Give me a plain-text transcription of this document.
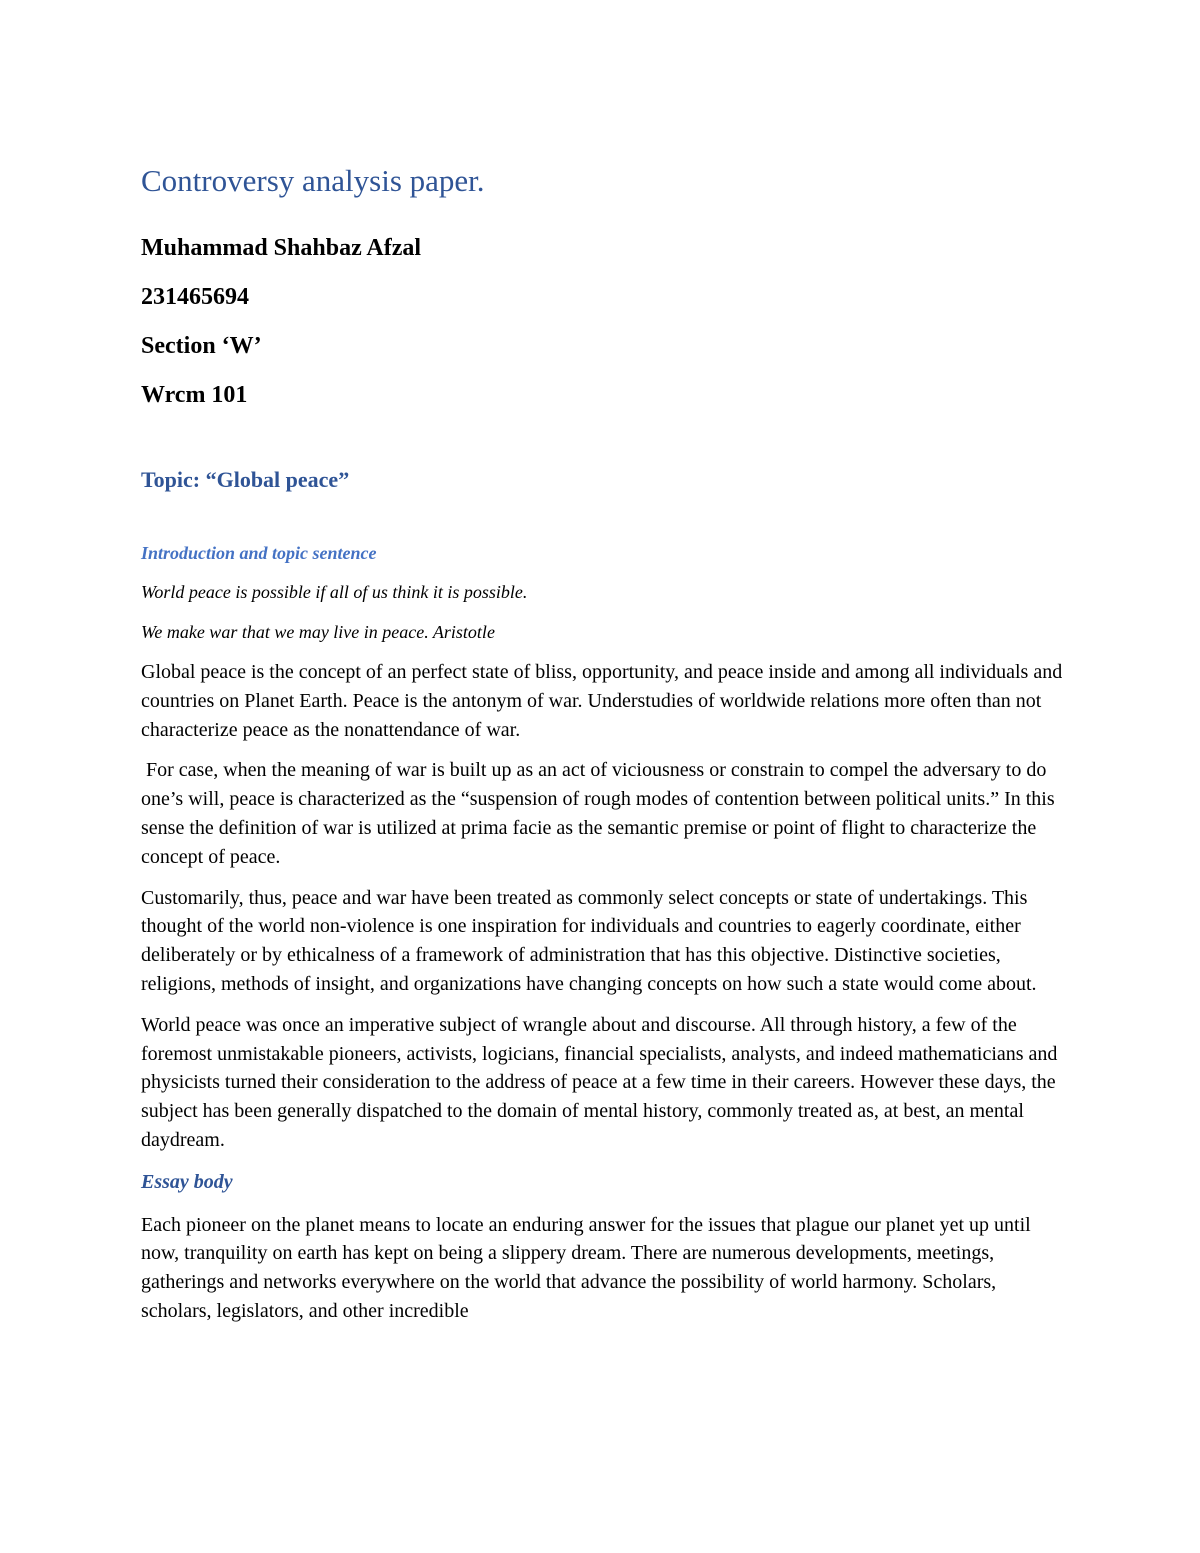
Controversy analysis paper.

Muhammad Shahbaz Afzal

231465694

Section ‘W’

Wrcm 101

Topic: “Global peace”
Introduction and topic sentence

World peace is possible if all of us think it is possible.

We make war that we may live in peace. Aristotle

Global peace is the concept of an perfect state of bliss, opportunity, and peace inside and among all individuals and countries on Planet Earth. Peace is the antonym of war. Understudies of worldwide relations more often than not characterize peace as the nonattendance of war.

For case, when the meaning of war is built up as an act of viciousness or constrain to compel the adversary to do one’s will, peace is characterized as the “suspension of rough modes of contention between political units.” In this sense the definition of war is utilized at prima facie as the semantic premise or point of flight to characterize the concept of peace.

Customarily, thus, peace and war have been treated as commonly select concepts or state of undertakings. This thought of the world non-violence is one inspiration for individuals and countries to eagerly coordinate, either deliberately or by ethicalness of a framework of administration that has this objective. Distinctive societies, religions, methods of insight, and organizations have changing concepts on how such a state would come about.

World peace was once an imperative subject of wrangle about and discourse. All through history, a few of the foremost unmistakable pioneers, activists, logicians, financial specialists, analysts, and indeed mathematicians and physicists turned their consideration to the address of peace at a few time in their careers. However these days, the subject has been generally dispatched to the domain of mental history, commonly treated as, at best, an mental daydream.

Essay body

Each pioneer on the planet means to locate an enduring answer for the issues that plague our planet yet up until now, tranquility on earth has kept on being a slippery dream. There are numerous developments, meetings, gatherings and networks everywhere on the world that advance the possibility of world harmony. Scholars, scholars, legislators, and other incredible
